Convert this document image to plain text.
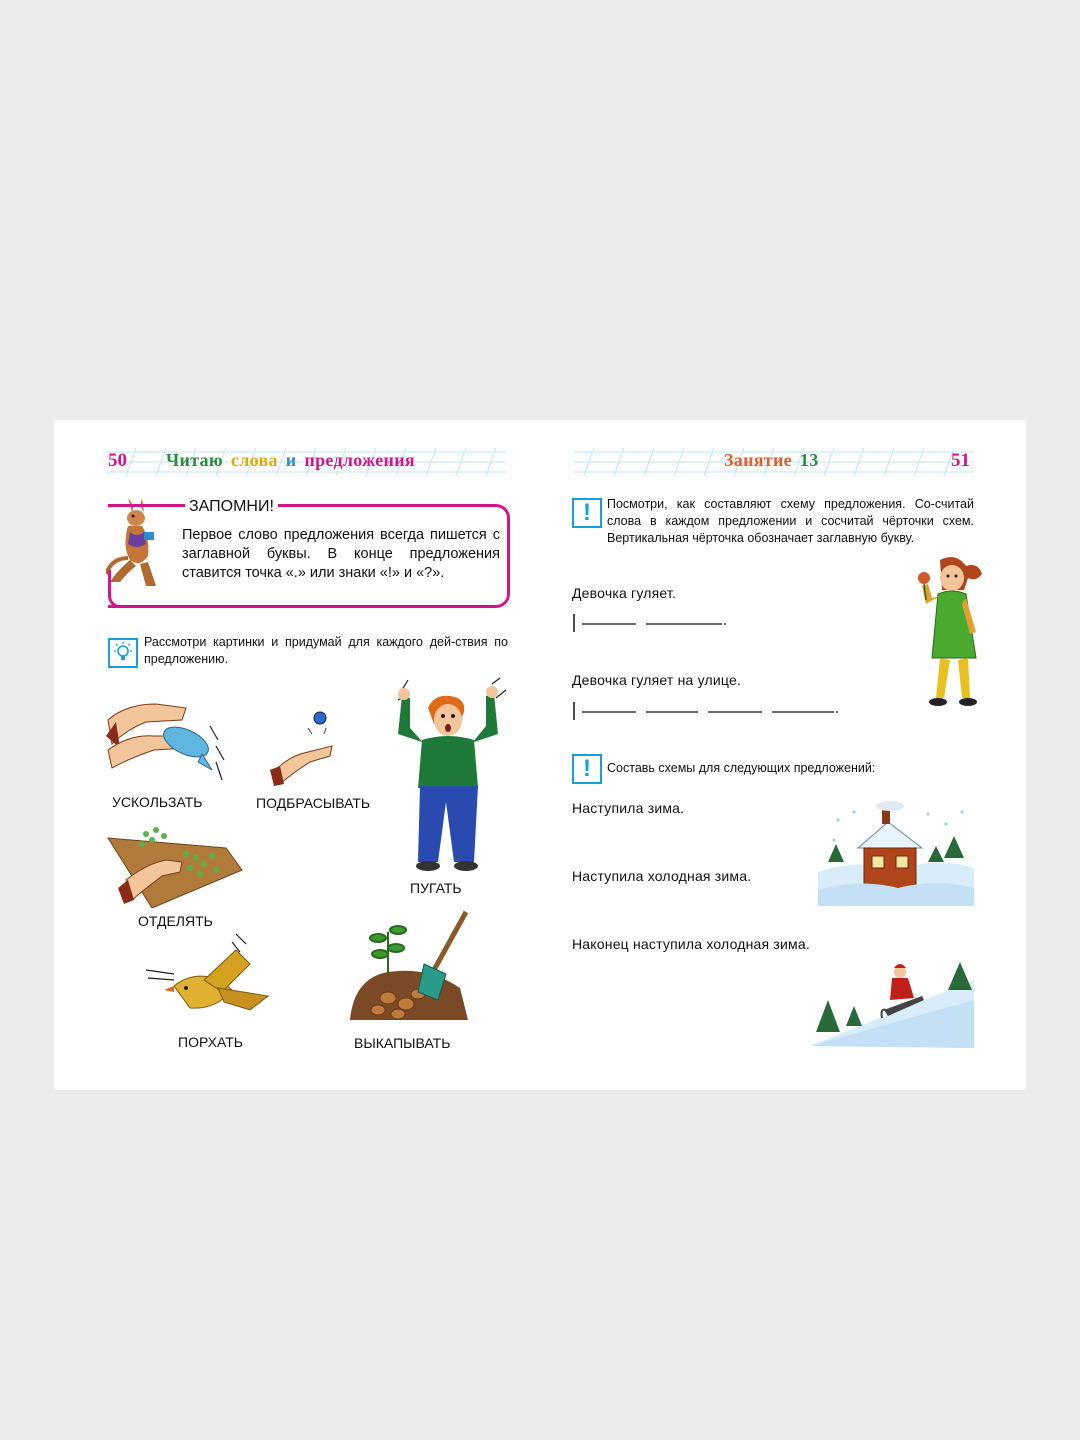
50 Читаю слова и предложения
ЗАПОМНИ!
Первое слово предложения всегда пишется с заглавной буквы. В конце предложения ставится точка «.» или знаки «!» и «?».
Рассмотри картинки и придумай для каждого дей-ствия по предложению.
УСКОЛЬЗАТЬ	ПОДБРАСЫВАТЬ
ПУГАТЬ
ОТДЕЛЯТЬ
ПОРХАТЬ	ВЫКАПЫВАТЬ
Занятие 13	51
! Посмотри, как составляют схему предложения. Со-считай слова в каждом предложении и сосчитай чёрточки схем. Вертикальная чёрточка обозначает заглавную букву.
Девочка гуляет.
Девочка гуляет на улице.
! Составь схемы для следующих предложений:
Наступила зима.
Наступила холодная зима.
Наконец наступила холодная зима.
